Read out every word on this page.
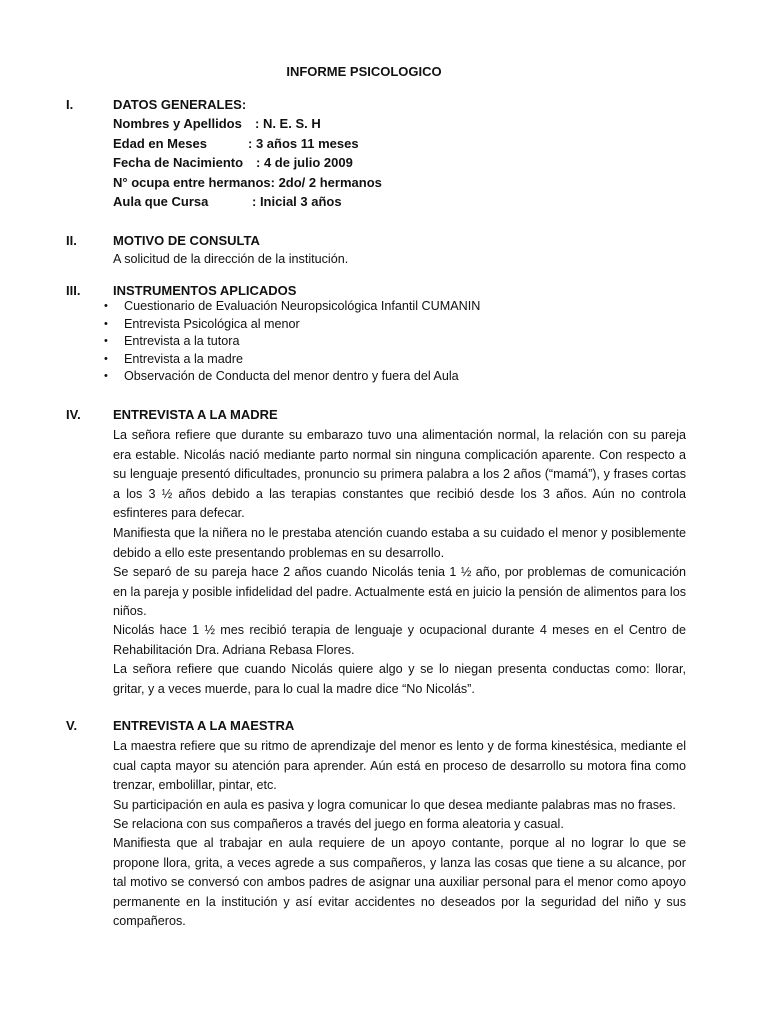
INFORME PSICOLOGICO
I.	DATOS GENERALES:
Nombres y Apellidos : N. E. S. H
Edad en Meses	: 3 años 11 meses
Fecha de Nacimiento : 4 de julio 2009
N° ocupa entre hermanos: 2do/ 2 hermanos
Aula que Cursa	: Inicial 3 años
II.	MOTIVO DE CONSULTA
A solicitud de la dirección de la institución.
III.	INSTRUMENTOS APLICADOS
• Cuestionario de Evaluación Neuropsicológica Infantil CUMANIN
• Entrevista Psicológica al menor
• Entrevista a la tutora
• Entrevista a la madre
• Observación de Conducta del menor dentro y fuera del Aula
IV. ENTREVISTA A LA MADRE
La señora refiere que durante su embarazo tuvo una alimentación normal, la relación con su pareja era estable. Nicolás nació mediante parto normal sin ninguna complicación aparente. Con respecto a su lenguaje presentó dificultades, pronuncio su primera palabra a los 2 años (“mamá”), y frases cortas a los 3 ½ años debido a las terapias constantes que recibió desde los 3 años. Aún no controla esfinteres para defecar.
Manifiesta que la niñera no le prestaba atención cuando estaba a su cuidado el menor y posiblemente debido a ello este presentando problemas en su desarrollo.
Se separó de su pareja hace 2 años cuando Nicolás tenia 1 ½ año, por problemas de comunicación en la pareja y posible infidelidad del padre. Actualmente está en juicio la pensión de alimentos para los niños.
Nicolás hace 1 ½ mes recibió terapia de lenguaje y ocupacional durante 4 meses en el Centro de Rehabilitación Dra. Adriana Rebasa Flores.
La señora refiere que cuando Nicolás quiere algo y se lo niegan presenta conductas como: llorar, gritar, y a veces muerde, para lo cual la madre dice “No Nicolás”.
V.	ENTREVISTA A LA MAESTRA
La maestra refiere que su ritmo de aprendizaje del menor es lento y de forma kinestésica, mediante el cual capta mayor su atención para aprender. Aún está en proceso de desarrollo su motora fina como trenzar, embolillar, pintar, etc.
Su participación en aula es pasiva y logra comunicar lo que desea mediante palabras mas no frases.
Se relaciona con sus compañeros a través del juego en forma aleatoria y casual.
Manifiesta que al trabajar en aula requiere de un apoyo contante, porque al no lograr lo que se propone llora, grita, a veces agrede a sus compañeros, y lanza las cosas que tiene a su alcance, por tal motivo se conversó con ambos padres de asignar una auxiliar personal para el menor como apoyo permanente en la institución y así evitar accidentes no deseados por la seguridad del niño y sus compañeros.
